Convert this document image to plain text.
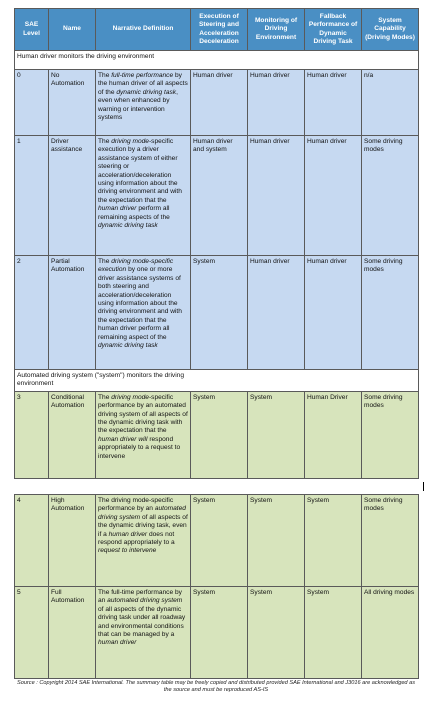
SAE Level	Name	Narrative Definition	Execution of Steering and Acceleration Deceleration	Monitoring of Driving Environment	Fallback Performance of Dynamic Driving Task	System Capability (Driving Modes)
Human driver monitors the driving environment						
0	No Automation	The full-time performance by the human driver of all aspects of the dynamic driving task, even when enhanced by warning or intervention systems	Human driver	Human driver	Human driver	n/a
1	Driver assistance	The driving mode-specific execution by a driver assistance system of either steering or acceleration/deceleration using information about the driving environment and with the expectation that the human driver perform all remaining aspects of the dynamic driving task	Human driver and system	Human driver	Human driver	Some driving modes
2	Partial Automation	The driving mode-specific execution by one or more driver assistance systems of both steering and acceleration/deceleration using information about the driving environment and with the expectation that the human driver perform all remaining aspect of the dynamic driving task	System	Human driver	Human driver	Some driving modes
Automated driving system ("system") monitors the driving environment						
3	Conditional Automation	The driving mode-specific performance by an automated driving system of all aspects of the dynamic driving task with the expectation that the human driver will respond appropriately to a request to intervene	System	System	Human Driver	Some driving modes
4	High Automation	The driving mode-specific performance by an automated driving system of all aspects of the dynamic driving task, even if a human driver does not respond appropriately to a request to intervene	System	System	System	Some driving modes
5	Full Automation	The full-time performance by an automated driving system of all aspects of the dynamic driving task under all roadway and environmental conditions that can be managed by a human driver	System	System	System	All driving modes
Source : Copyright 2014 SAE International. The summary table may be freely copied and distributed provided SAE International and J3016 are acknowledged as the source and must be reproduced AS-IS
